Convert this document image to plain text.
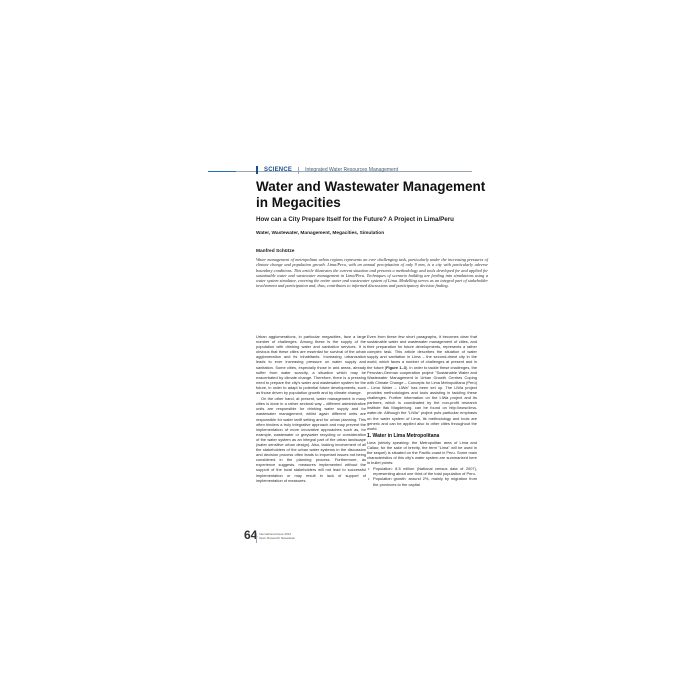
SCIENCE	Integrated Water Resources Management
Water and Wastewater Management in Megacities

How can a City Prepare Itself for the Future? A Project in Lima/Peru

Water, Wastewater, Management, Megacities, Simulation

Manfred Schütze

Water management of metropolitan urban regions represents an ever challenging task, particularly under the increasing pressures of climate change and population growth. Lima/Peru, with an annual precipitation of only 9 mm, is a city with particularly adverse boundary conditions. This article illustrates the current situation and presents a methodology and tools developed for and applied for sustainable water and wastewater management in Lima/Peru. Techniques of scenario building are feeding into simulations using a water system simulator, covering the entire water and wastewater system of Lima. Modelling serves as an integral part of stakeholder involvement and participation and, thus, contributes to informed discussions and participatory decision finding.

Urban agglomerations, in particular megacities, face a large number of challenges. Among these is the supply of the population with drinking water and sanitation services. It is obvious that these cities are essential for survival of the urban agglomeration and its inhabitants. Increasing urbanization leads to ever increasing pressure on water supply and sanitation. Some cities, especially those in arid areas, already suffer from water scarcity, a situation which may be exacerbated by climate change. Therefore, there is a pressing need to prepare the city's water and wastewater system for the future, in order to adapt to potential future developments, such as those driven by population growth and by climate change.

On the other hand, at present, water management in many cities is done in a rather sectoral way – different administrative units are responsible for drinking water supply and for wastewater management, whilst again different units are responsible for water tariff setting and for urban planning. This often hinders a truly integrative approach and may prevent the implementation of more innovative approaches such as, for example, wastewater or greywater recycling or consideration of the water system as an integral part of the urban landscape (water sensitive urban design). Also, lacking involvement of all the stakeholders of the urban water systems in the discussion and decision process often leads to important issues not being considered in the planning process. Furthermore, as experience suggests, measures implemented without the support of the local stakeholders will not lead to successful implementation or may result in lack of support of implementation of measures.

Even from these few short paragraphs, it becomes clear that sustainable water and wastewater management of cities, and their preparation for future developments, represents a rather complex task. This article describes the situation of water supply and sanitation in Lima – the second-driest city in the world, which faces a number of challenges at present and in the future (Figure 1–3). In order to tackle these challenges, the Peruvian-German cooperation project "Sustainable Water and Wastewater Management in Urban Growth Centres Coping with Climate Change – Concepts for Lima Metropolitana (Perú) – Lima Water – LiWa" has been set up. The LiWa project provides methodologies and tools assisting in tackling these challenges. Further information on the LiWa project and its partners, which is coordinated by the non-profit research institute ifak Magdeburg, can be found on http://www.lima-water.de. Although the "LiWa" project puts particular emphasis on the water system of Lima, its methodology and tools are generic and can be applied also to other cities throughout the world.

1. Water in Lima Metropolitana

Lima (strictly speaking: the Metropolitan area of Lima and Callao; for the sake of brevity, the term "Lima" will be used in the sequel) is situated on the Pacific coast in Peru. Some main characteristics of this city's water system are summarized here in bullet points:

• Population: 8.5 million (National census data of 2007), representing about one third of the total population of Peru.
• Population growth: around 2%, mainly by migration from the provinces to the capital
64 International Issue 2012
Open Research Newsdesk
